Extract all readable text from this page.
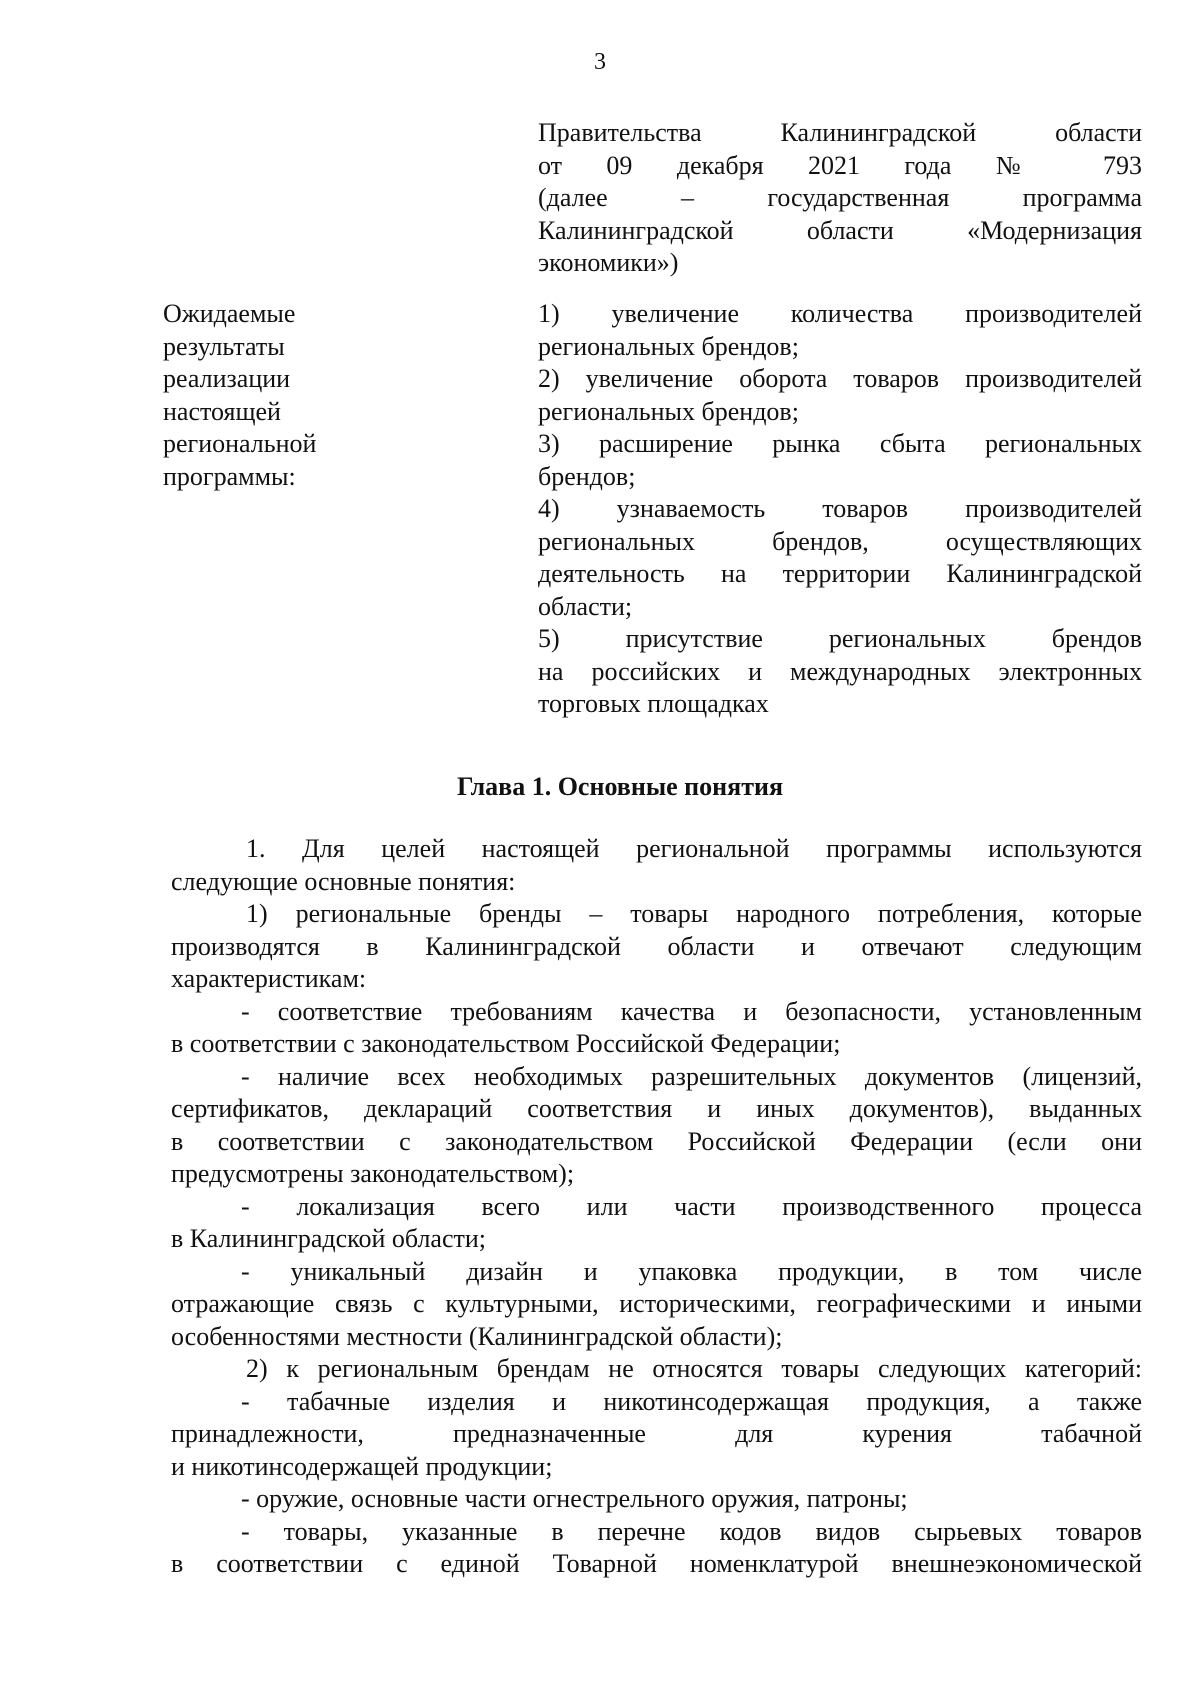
3
Правительства Калининградской области
от 09 декабря 2021 года № 793
(далее – государственная программа
Калининградской области «Модернизация
экономики»)
Ожидаемые
результаты
реализации
настоящей
региональной
программы:
1) увеличение количества производителей
региональных брендов;
2) увеличение оборота товаров производителей
региональных брендов;
3) расширение рынка сбыта региональных
брендов;
4) узнаваемость товаров производителей
региональных брендов, осуществляющих
деятельность на территории Калининградской
области;
5) присутствие региональных брендов
на российских и международных электронных
торговых площадках
Глава 1. Основные понятия
1. Для целей настоящей региональной программы используются
следующие основные понятия:
1) региональные бренды – товары народного потребления, которые
производятся в Калининградской области и отвечают следующим
характеристикам:
- соответствие требованиям качества и безопасности, установленным
в соответствии с законодательством Российской Федерации;
- наличие всех необходимых разрешительных документов (лицензий,
сертификатов, деклараций соответствия и иных документов), выданных
в соответствии с законодательством Российской Федерации (если они
предусмотрены законодательством);
- локализация всего или части производственного процесса
в Калининградской области;
- уникальный дизайн и упаковка продукции, в том числе
отражающие связь с культурными, историческими, географическими и иными
особенностями местности (Калининградской области);
2) к региональным брендам не относятся товары следующих категорий:
- табачные изделия и никотинсодержащая продукция, а также
принадлежности, предназначенные для курения табачной
и никотинсодержащей продукции;
- оружие, основные части огнестрельного оружия, патроны;
- товары, указанные в перечне кодов видов сырьевых товаров
в соответствии с единой Товарной номенклатурой внешнеэкономической
